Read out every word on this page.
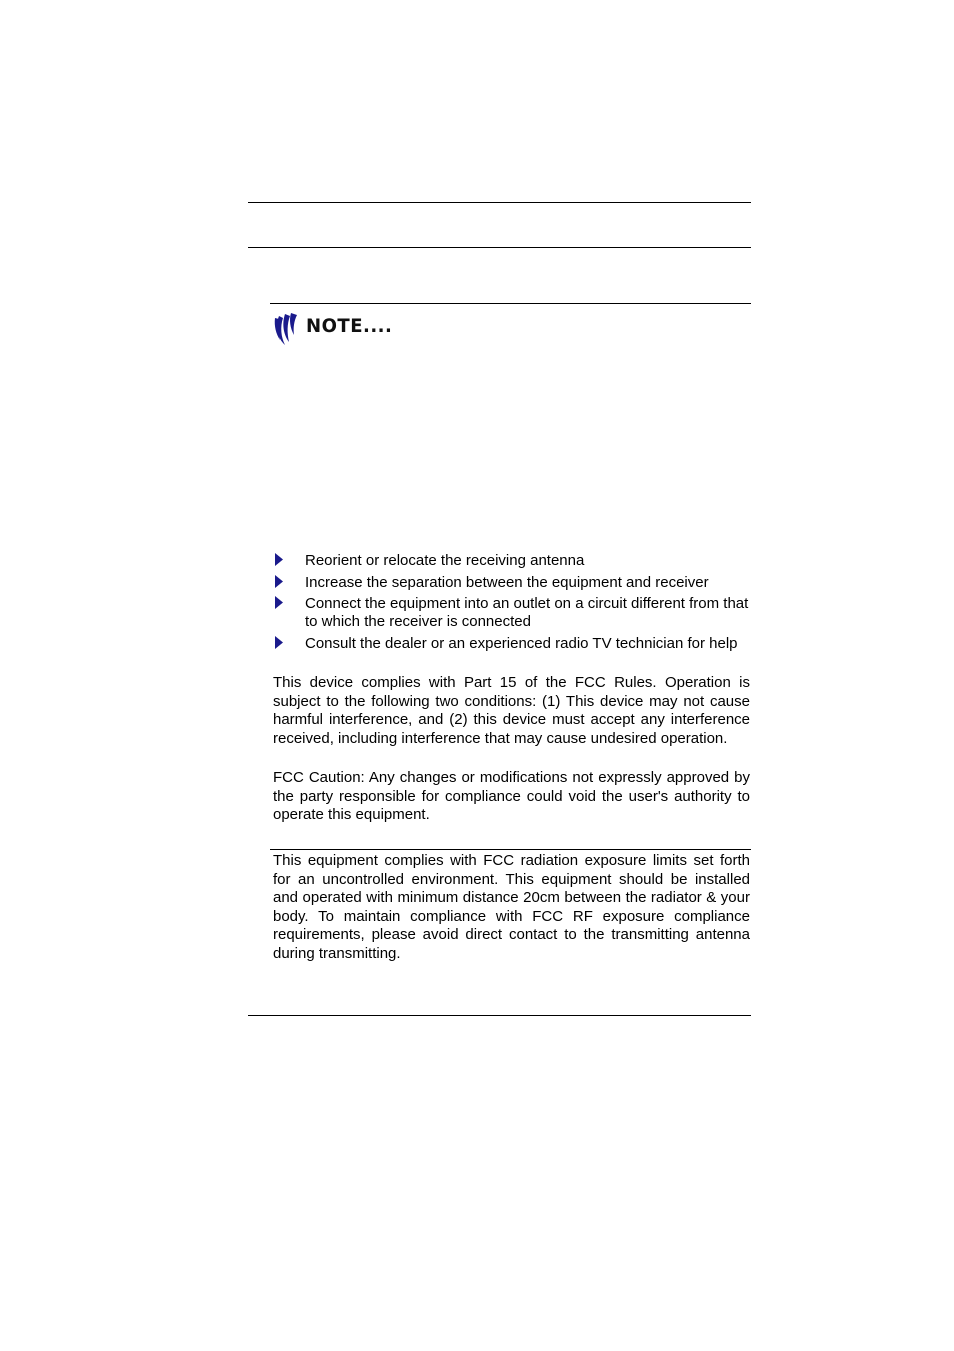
NOTE....
Reorient or relocate the receiving antenna
Increase the separation between the equipment and receiver
Connect the equipment into an outlet on a circuit different from that to which the receiver is connected
Consult the dealer or an experienced radio TV technician for help

This device complies with Part 15 of the FCC Rules. Operation is subject to the following two conditions: (1) This device may not cause harmful interference, and (2) this device must accept any interference received, including interference that may cause undesired operation.

FCC Caution: Any changes or modifications not expressly approved by the party responsible for compliance could void the user's authority to operate this equipment.

This equipment complies with FCC radiation exposure limits set forth for an uncontrolled environment. This equipment should be installed and operated with minimum distance 20cm between the radiator & your body. To maintain compliance with FCC RF exposure compliance requirements, please avoid direct contact to the transmitting antenna during transmitting.
